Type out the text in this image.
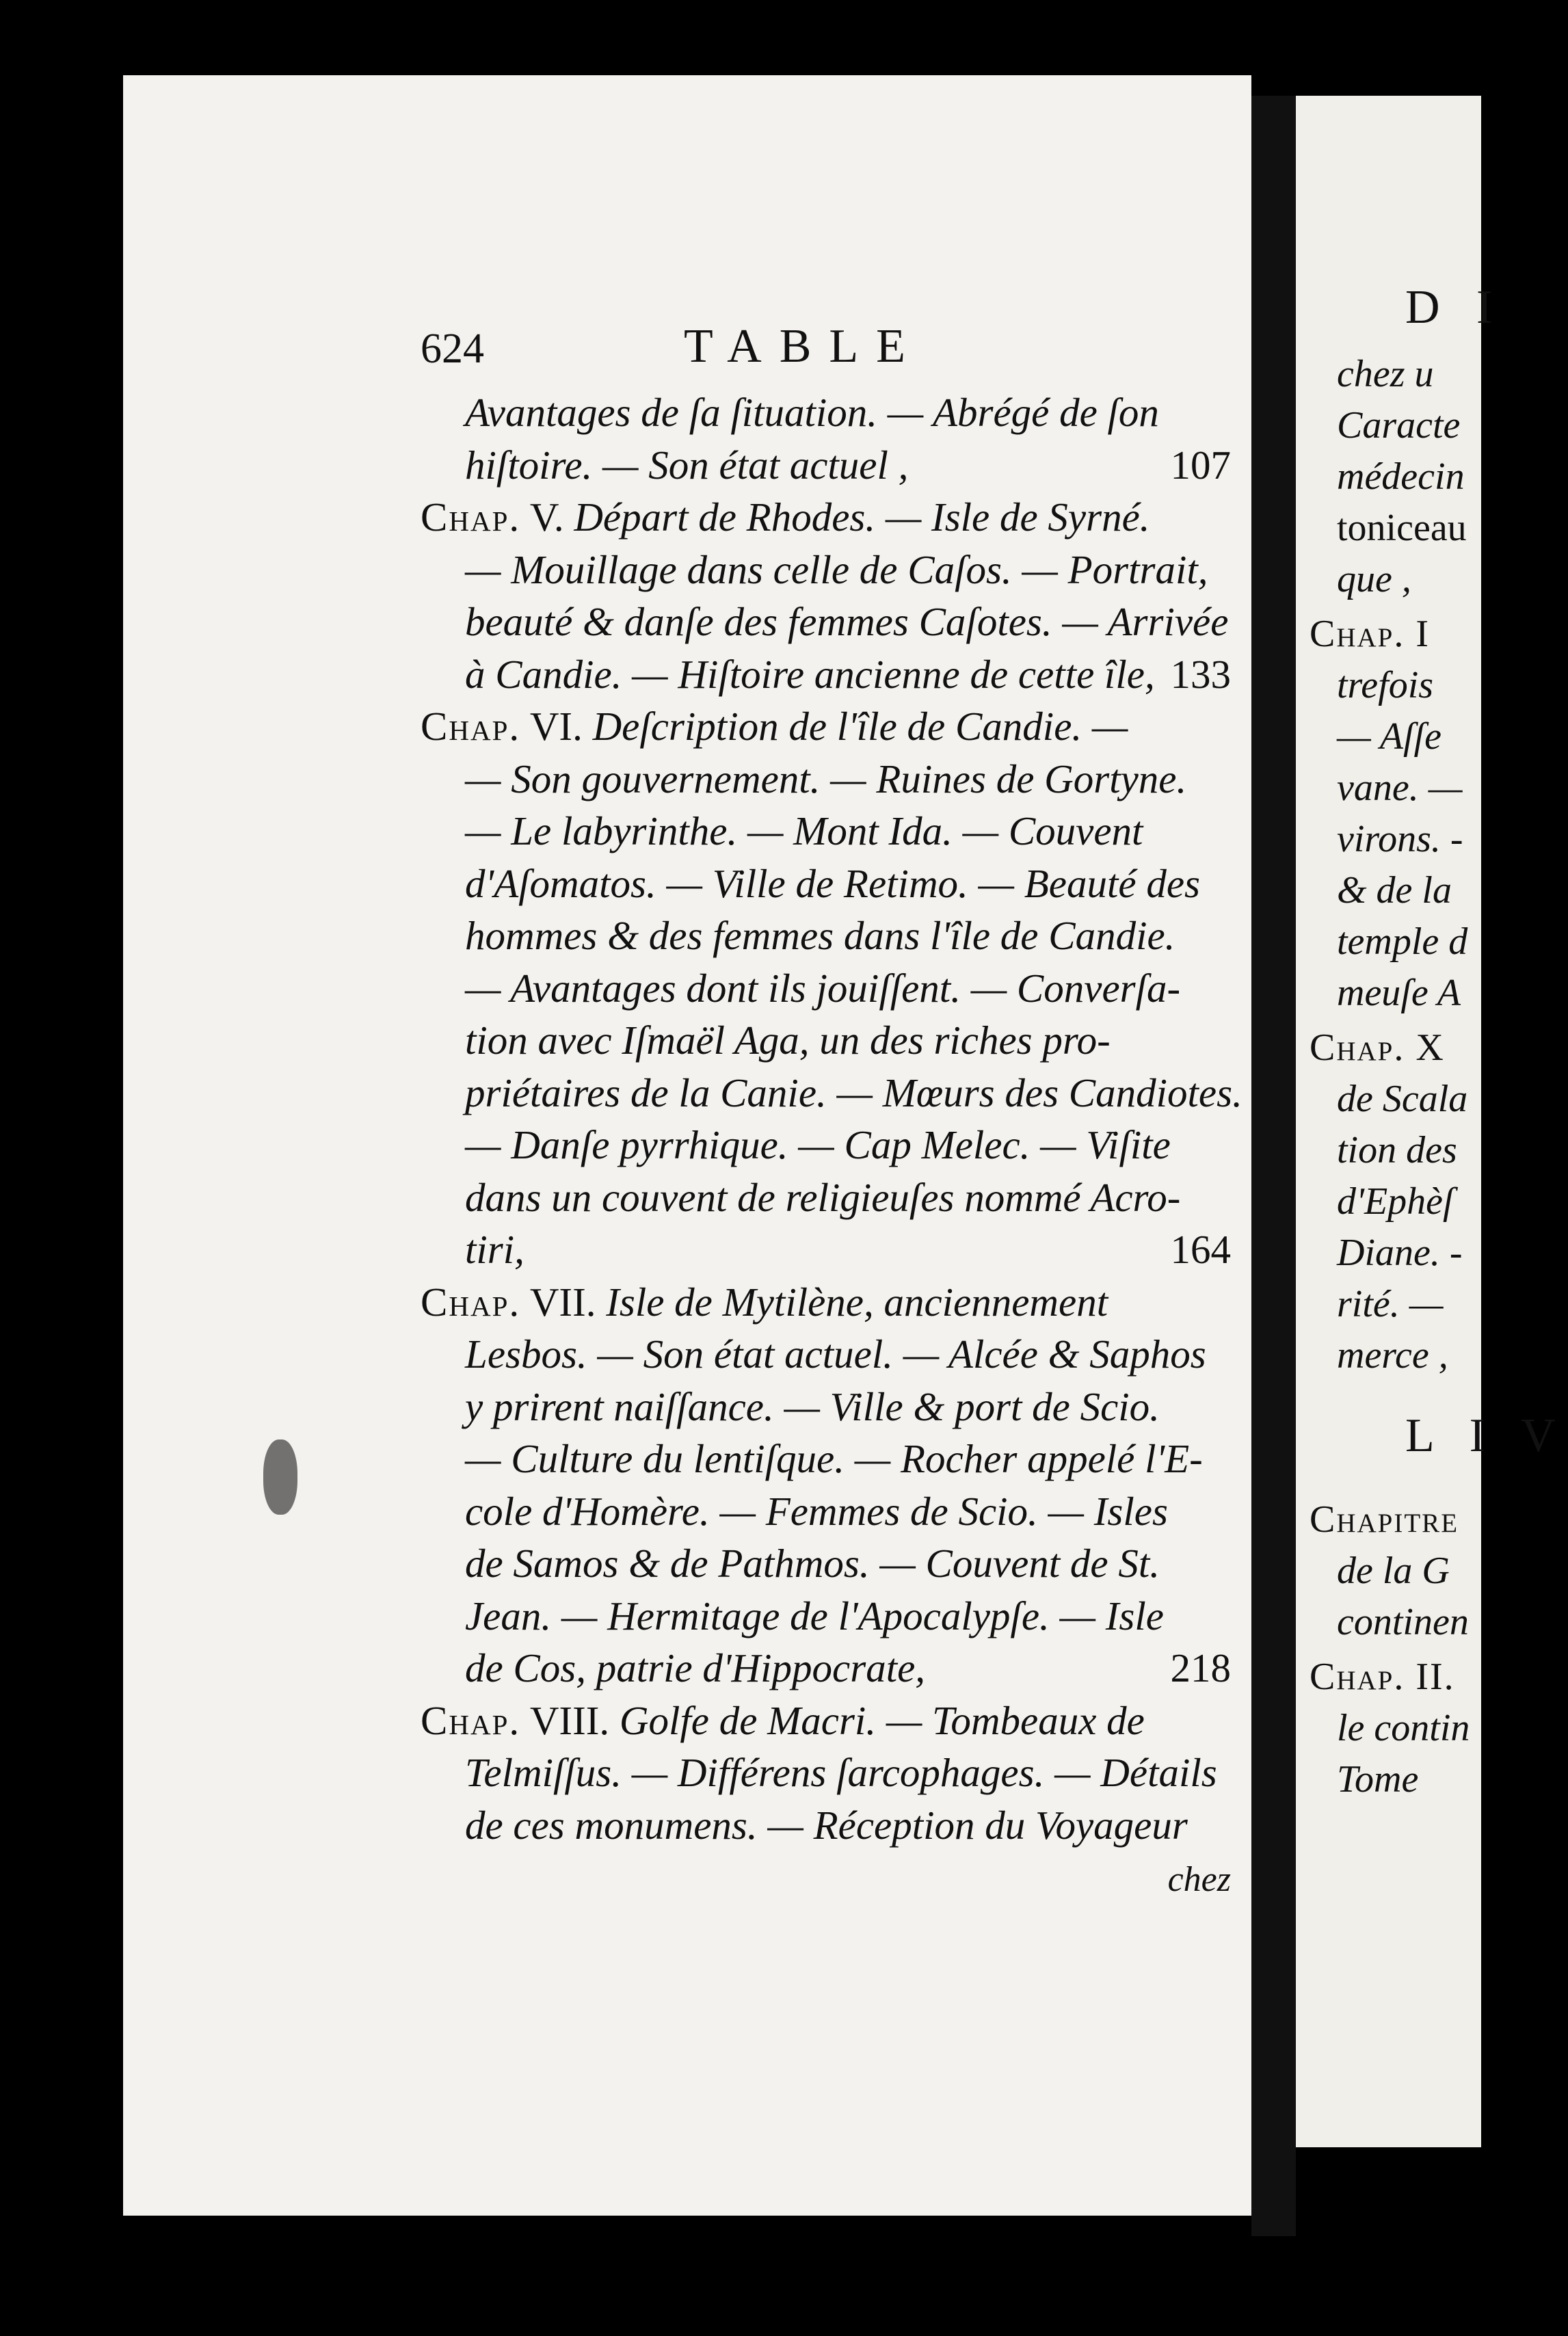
D I
chez u
Caracte
médecin
toniceau
que ,
Chap. I
trefois
— Aſſe
vane. —
virons. -
& de la
temple d
meuſe A
Chap. X
de Scala
tion des
d'Ephèſ
Diane. -
rité. —
merce ,
L I V
Chapitre
de la G
continen
Chap. II.
le contin
Tome
624	TABLE
Avantages de ſa ſituation. — Abrégé de ſon
hiſtoire. — Son état actuel ,	107
Chap. V. Départ de Rhodes. — Isle de Syrné.
— Mouillage dans celle de Caſos. — Portrait,
beauté & danſe des femmes Caſotes. — Arrivée
à Candie. — Hiſtoire ancienne de cette île, 133
Chap. VI. Deſcription de l'île de Candie. —
— Son gouvernement. — Ruines de Gortyne.
— Le labyrinthe. — Mont Ida. — Couvent
d'Aſomatos. — Ville de Retimo. — Beauté des
hommes & des femmes dans l'île de Candie.
— Avantages dont ils jouiſſent. — Converſa-
tion avec Iſmaël Aga, un des riches pro-
priétaires de la Canie. — Mœurs des Candiotes.
— Danſe pyrrhique. — Cap Melec. — Viſite
dans un couvent de religieuſes nommé Acro-
tiri,	164
Chap. VII. Isle de Mytilène, anciennement
Lesbos. — Son état actuel. — Alcée & Saphos
y prirent naiſſance. — Ville & port de Scio.
— Culture du lentiſque. — Rocher appelé l'E-
cole d'Homère. — Femmes de Scio. — Isles
de Samos & de Pathmos. — Couvent de St.
Jean. — Hermitage de l'Apocalypſe. — Isle
de Cos, patrie d'Hippocrate,	218
Chap. VIII. Golfe de Macri. — Tombeaux de
Telmiſſus. — Différens ſarcophages. — Détails
de ces monumens. — Réception du Voyageur
chez
